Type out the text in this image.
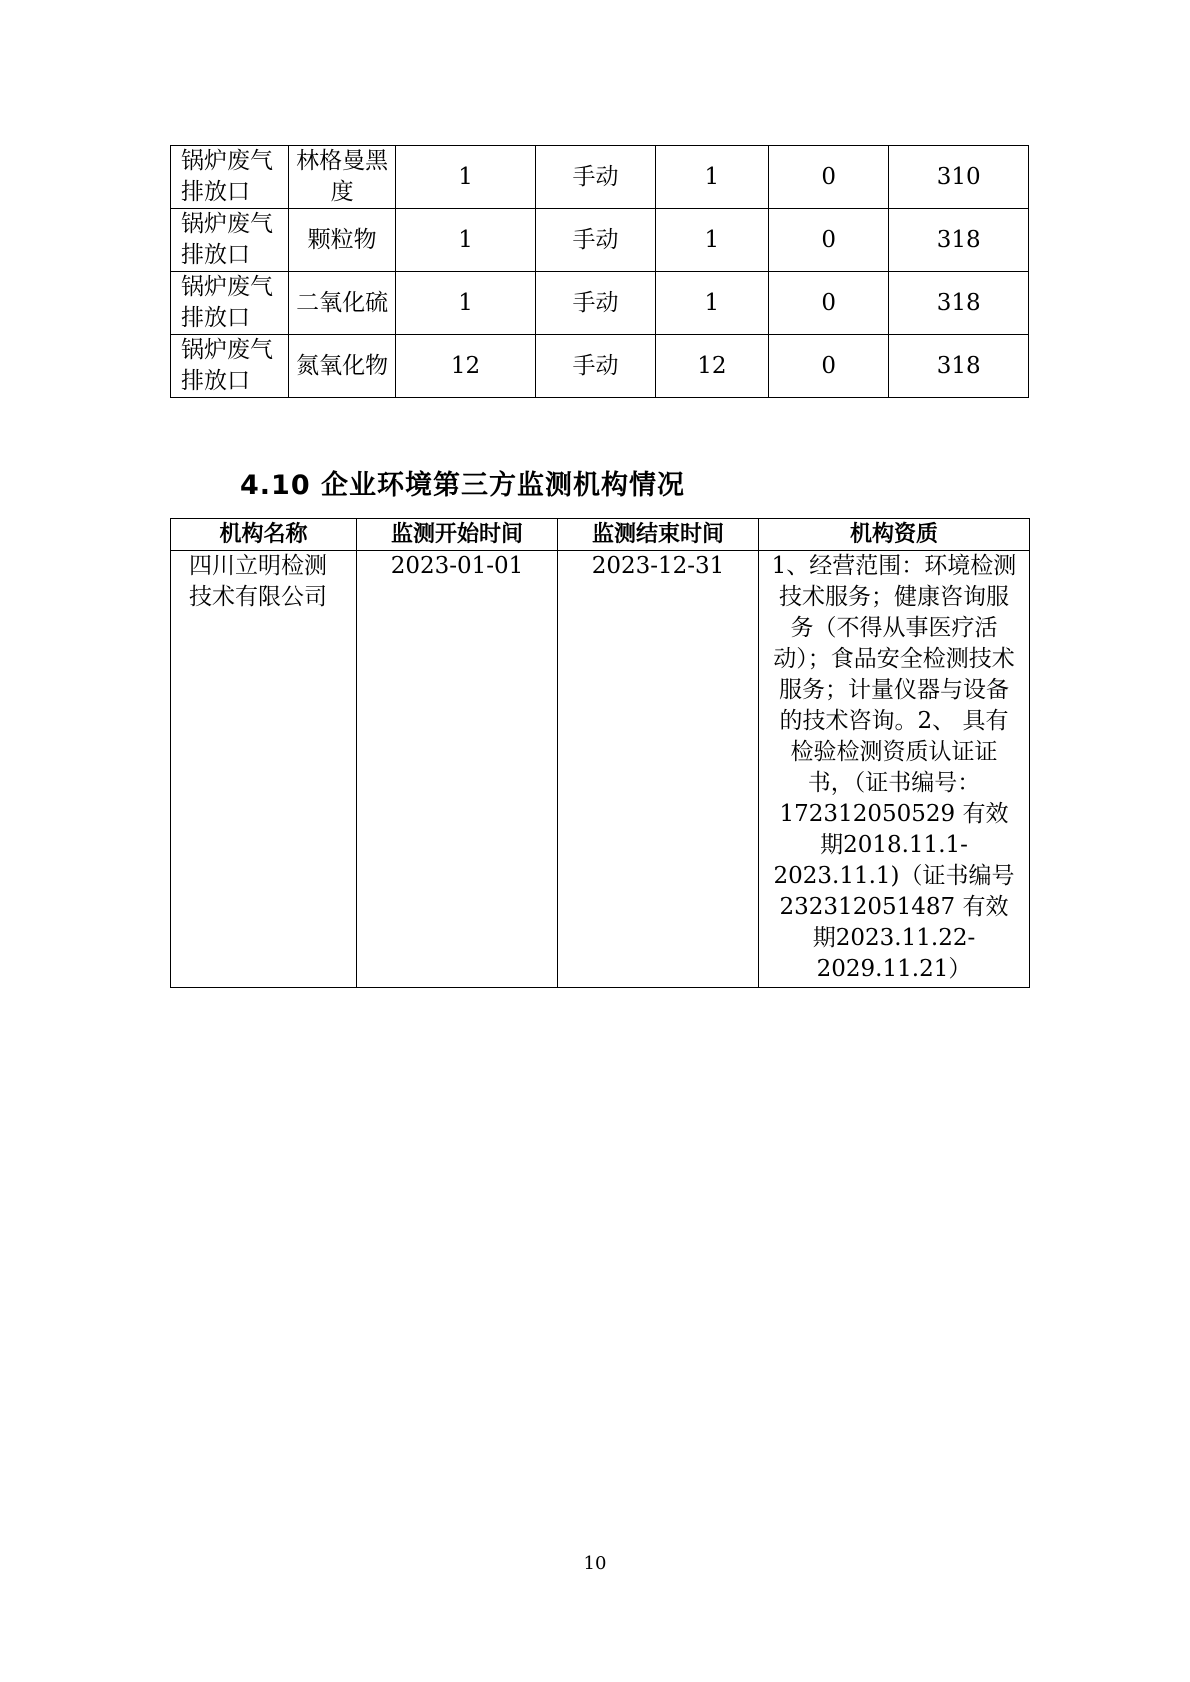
锅炉废气排放口	林格曼黑度	1	手动	1	0	310
锅炉废气排放口	颗粒物	1	手动	1	0	318
锅炉废气排放口	二氧化硫	1	手动	1	0	318
锅炉废气排放口	氮氧化物	12	手动	12	0	318
4.10 企业环境第三方监测机构情况
机构名称	监测开始时间	监测结束时间	机构资质
四川立明检测技术有限公司	2023-01-01	2023-12-31	1、经营范围：环境检测技术服务；健康咨询服务（不得从事医疗活动）；食品安全检测技术服务；计量仪器与设备的技术咨询。2、 具有检验检测资质认证证书，（证书编号：172312050529 有效期2018.11.1-2023.11.1)（证书编号232312051487 有效期2023.11.22-2029.11.21）
10
